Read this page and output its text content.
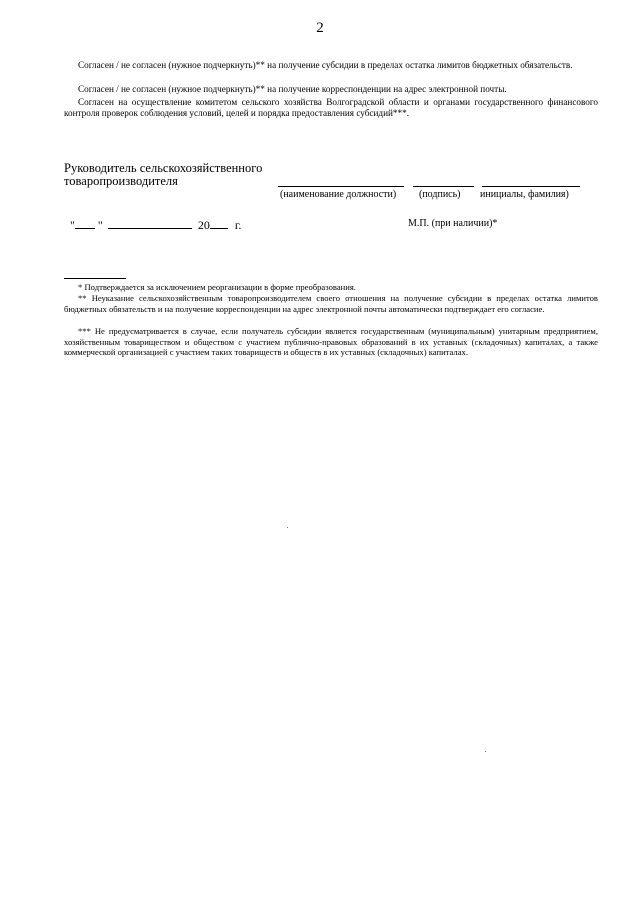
2
Согласен / не согласен (нужное подчеркнуть)** на получение субсидии в пределах остатка лимитов бюджетных обязательств.
Согласен / не согласен (нужное подчеркнуть)** на получение корреспонденции на адрес электронной почты.
Согласен на осуществление комитетом сельского хозяйства Волгоградской области и органами государственного финансового контроля проверок соблюдения условий, целей и порядка предоставления субсидий***.
Руководитель сельскохозяйственного товаропроизводителя
(наименование должности) (подпись) инициалы, фамилия)
" "	20 г.	М.П. (при наличии)*
* Подтверждается за исключением реорганизации в форме преобразования.
** Неуказание сельскохозяйственным товаропроизводителем своего отношения на получение субсидии в пределах остатка лимитов бюджетных обязательств и на получение корреспонденции на адрес электронной почты автоматически подтверждает его согласие.
*** Не предусматривается в случае, если получатель субсидии является государственным (муниципальным) унитарным предприятием, хозяйственным товариществом и обществом с участием публично-правовых образований в их уставных (складочных) капиталах, а также коммерческой организацией с участием таких товариществ и обществ в их уставных (складочных) капиталах.
